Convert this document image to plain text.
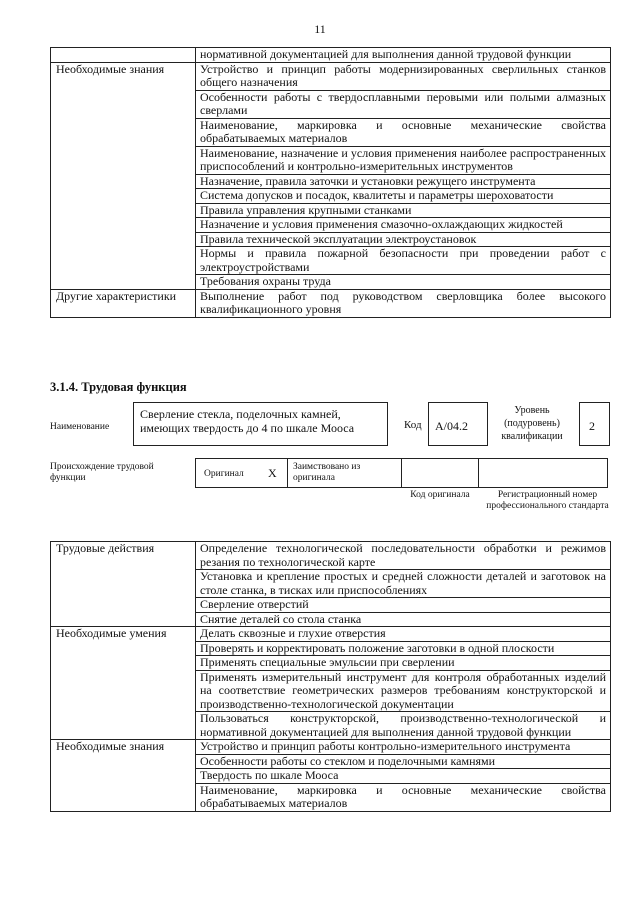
11
	нормативной документацией для выполнения данной трудовой функции
Необходимые знания	Устройство и принцип работы модернизированных сверлильных станков общего назначения
	Особенности работы с твердосплавными перовыми или полыми алмазных сверлами
	Наименование, маркировка и основные механические свойства обрабатываемых материалов
	Наименование, назначение и условия применения наиболее распространенных приспособлений и контрольно-измерительных инструментов
	Назначение, правила заточки и установки режущего инструмента
	Система допусков и посадок, квалитеты и параметры шероховатости
	Правила управления крупными станками
	Назначение и условия применения смазочно-охлаждающих жидкостей
	Правила технической эксплуатации электроустановок
	Нормы и правила пожарной безопасности при проведении работ с электроустройствами
	Требования охраны труда
Другие характеристики	Выполнение работ под руководством сверловщика более высокого квалификационного уровня
3.1.4. Трудовая функция
Наименование
Сверление стекла, поделочных камней, имеющих твердость до 4 по шкале Мооса	Код	A/04.2
Уровень (подуровень) квалификации
2
Происхождение трудовой функции	Оригинал X Заимствовано из оригинала
Код оригинала	Регистрационный номер профессионального стандарта
Трудовые действия	Определение технологической последовательности обработки и режимов резания по технологической карте
	Установка и крепление простых и средней сложности деталей и заготовок на столе станка, в тисках или приспособлениях
	Сверление отверстий
	Снятие деталей со стола станка
Необходимые умения	Делать сквозные и глухие отверстия
	Проверять и корректировать положение заготовки в одной плоскости
	Применять специальные эмульсии при сверлении
	Применять измерительный инструмент для контроля обработанных изделий на соответствие геометрических размеров требованиям конструкторской и производственно-технологической документации
	Пользоваться конструкторской, производственно-технологической и нормативной документацией для выполнения данной трудовой функции
Необходимые знания	Устройство и принцип работы контрольно-измерительного инструмента
	Особенности работы со стеклом и поделочными камнями
	Твердость по шкале Мооса
	Наименование, маркировка и основные механические свойства обрабатываемых материалов
